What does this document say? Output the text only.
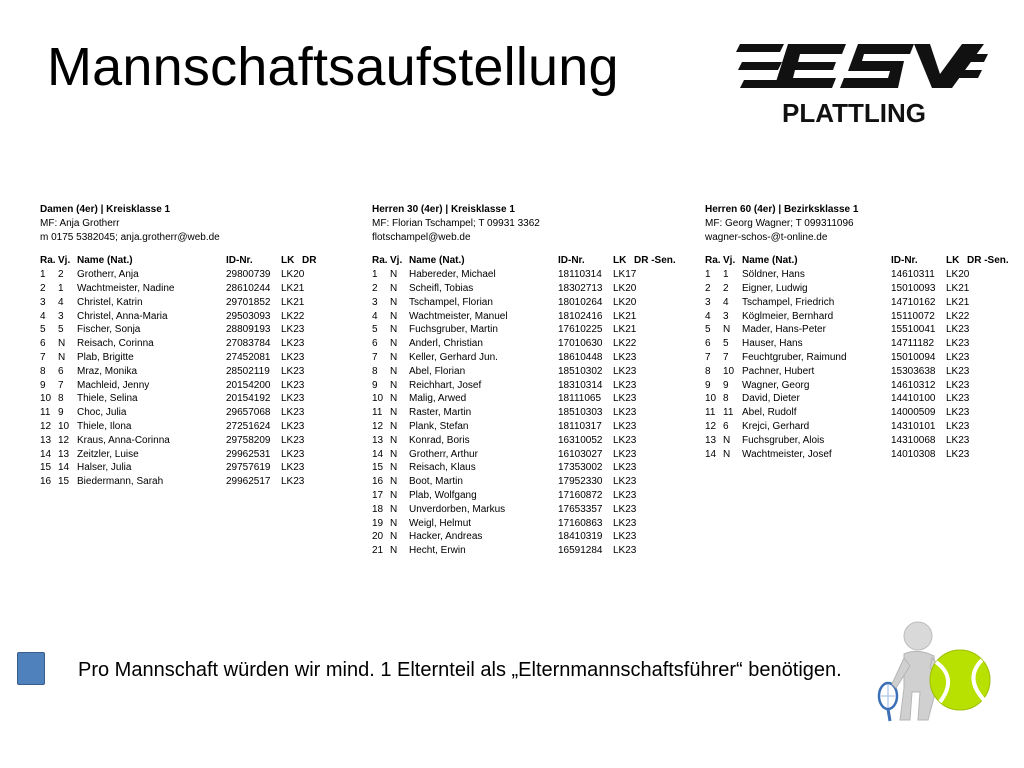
Mannschaftsaufstellung
PLATTLING
Damen (4er) | Kreisklasse 1
MF: Anja Grotherr
m 0175 5382045; anja.grotherr@web.de
Ra. Vj. Name (Nat.)	ID-Nr.	LK DR
1 2 Grotherr, Anja	29800739 LK20
2 1 Wachtmeister, Nadine	28610244 LK21
3 4 Christel, Katrin	29701852 LK21
4 3 Christel, Anna-Maria	29503093 LK22
5 5 Fischer, Sonja	28809193 LK23
6 N Reisach, Corinna	27083784 LK23
7 N Plab, Brigitte	27452081 LK23
8 6 Mraz, Monika	28502119 LK23
9 7 Machleid, Jenny	20154200 LK23
10 8 Thiele, Selina	20154192 LK23
11 9 Choc, Julia	29657068 LK23
12 10 Thiele, Ilona	27251624 LK23
13 12 Kraus, Anna-Corinna	29758209 LK23
14 13 Zeitzler, Luise	29962531 LK23
15 14 Halser, Julia	29757619 LK23
16 15 Biedermann, Sarah	29962517 LK23
Herren 30 (4er) | Kreisklasse 1
MF: Florian Tschampel; T 09931 3362
flotschampel@web.de
Ra. Vj. Name (Nat.)	ID-Nr.	LK DR -Sen.
1 N Habereder, Michael	18110314 LK17
2 N Scheifl, Tobias	18302713 LK20
3 N Tschampel, Florian	18010264 LK20
4 N Wachtmeister, Manuel	18102416 LK21
5 N Fuchsgruber, Martin	17610225 LK21
6 N Anderl, Christian	17010630 LK22
7 N Keller, Gerhard Jun.	18610448 LK23
8 N Abel, Florian	18510302 LK23
9 N Reichhart, Josef	18310314 LK23
10 N Malig, Arwed	18111065 LK23
11 N Raster, Martin	18510303 LK23
12 N Plank, Stefan	18110317 LK23
13 N Konrad, Boris	16310052 LK23
14 N Grotherr, Arthur	16103027 LK23
15 N Reisach, Klaus	17353002 LK23
16 N Boot, Martin	17952330 LK23
17 N Plab, Wolfgang	17160872 LK23
18 N Unverdorben, Markus	17653357 LK23
19 N Weigl, Helmut	17160863 LK23
20 N Hacker, Andreas	18410319 LK23
21 N Hecht, Erwin	16591284 LK23
Herren 60 (4er) | Bezirksklasse 1
MF: Georg Wagner; T 099311096
wagner-schos-@t-online.de
Ra. Vj. Name (Nat.)	ID-Nr.	LK DR -Sen.
1 1 Söldner, Hans	14610311 LK20
2 2 Eigner, Ludwig	15010093 LK21
3 4 Tschampel, Friedrich	14710162 LK21
4 3 Köglmeier, Bernhard	15110072 LK22
5 N Mader, Hans-Peter	15510041 LK23
6 5 Hauser, Hans	14711182 LK23
7 7 Feuchtgruber, Raimund	15010094 LK23
8 10 Pachner, Hubert	15303638 LK23
9 9 Wagner, Georg	14610312 LK23
10 8 David, Dieter	14410100 LK23
11 11 Abel, Rudolf	14000509 LK23
12 6 Krejci, Gerhard	14310101 LK23
13 N Fuchsgruber, Alois	14310068 LK23
14 N Wachtmeister, Josef	14010308 LK23
Pro Mannschaft würden wir mind. 1 Elternteil als „Elternmannschaftsführer“ benötigen.
